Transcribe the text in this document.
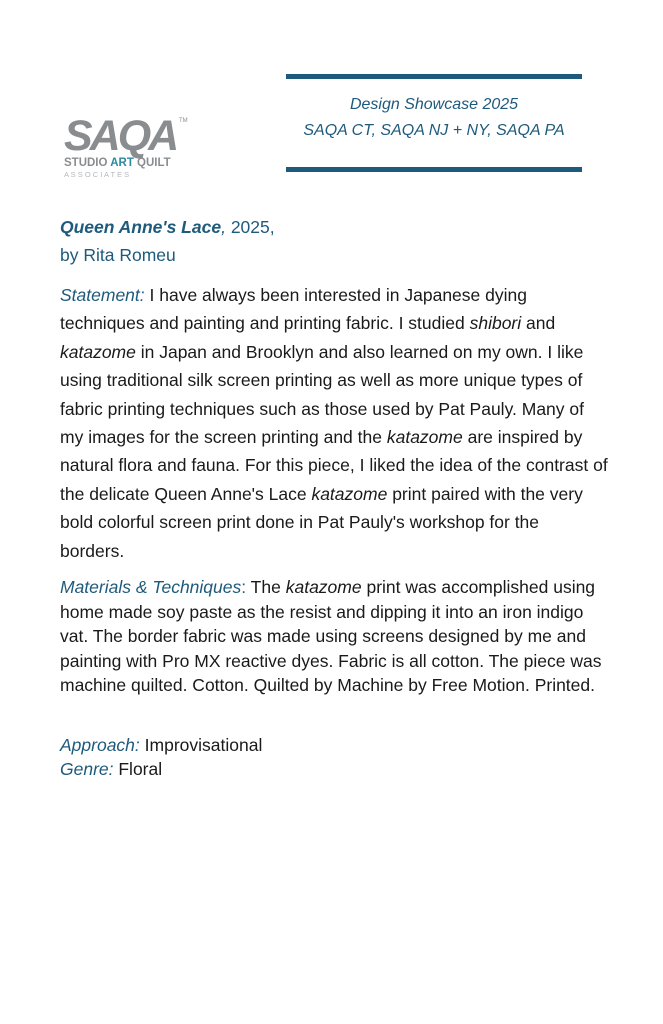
SAQA TM
STUDIO ART QUILT
A S S O C I A T E S
Design Showcase 2025
SAQA CT, SAQA NJ + NY, SAQA PA
Queen Anne's Lace, 2025,
by Rita Romeu
Statement: I have always been interested in Japanese dying techniques and painting and printing fabric. I studied shibori and katazome in Japan and Brooklyn and also learned on my own. I like using traditional silk screen printing as well as more unique types of fabric printing techniques such as those used by Pat Pauly. Many of my images for the screen printing and the katazome are inspired by natural flora and fauna. For this piece, I liked the idea of the contrast of the delicate Queen Anne's Lace katazome print paired with the very bold colorful screen print done in Pat Pauly's workshop for the borders.
Materials & Techniques: The katazome print was accomplished using home made soy paste as the resist and dipping it into an iron indigo vat. The border fabric was made using screens designed by me and painting with Pro MX reactive dyes. Fabric is all cotton. The piece was machine quilted. Cotton. Quilted by Machine by Free Motion. Printed.
Approach: Improvisational
Genre: Floral
